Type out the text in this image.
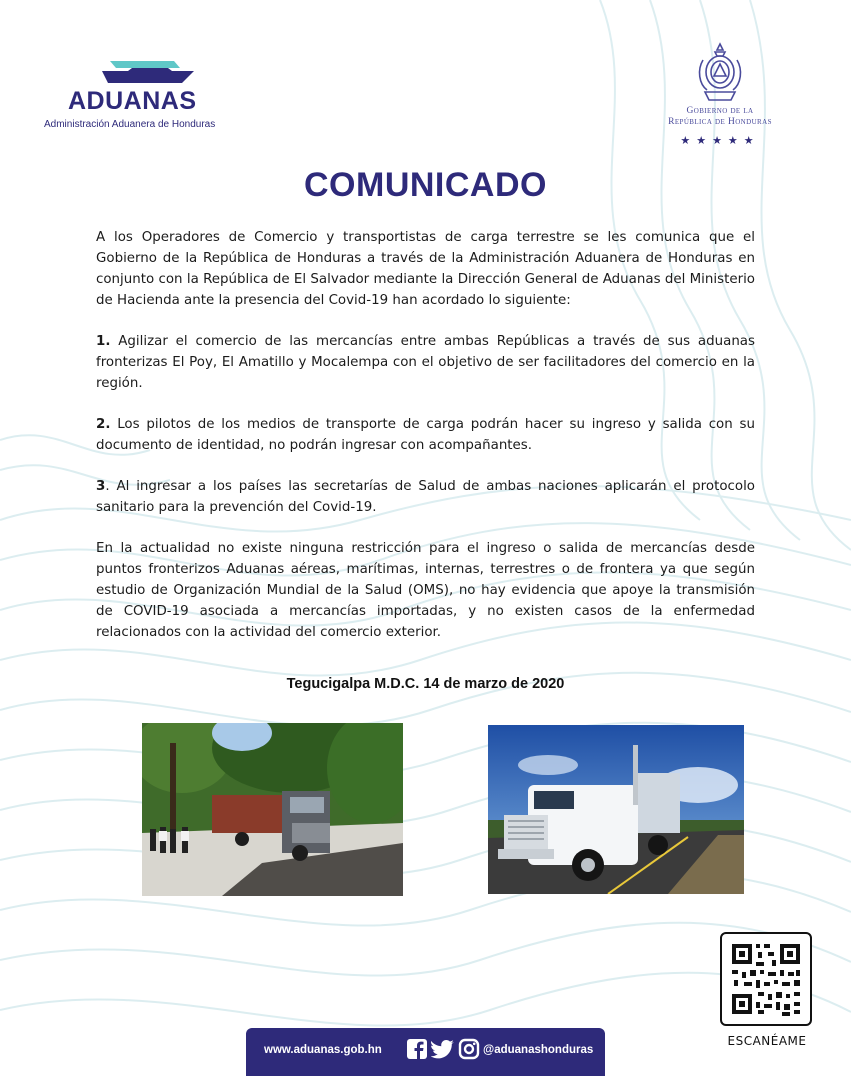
ADUANAS
Administración Aduanera de Honduras
Gobierno de la
República de Honduras
★★★★★
COMUNICADO

A los Operadores de Comercio y transportistas de carga terrestre se les comunica que el Gobierno de la República de Honduras a través de la Administración Aduanera de Honduras en conjunto con la República de El Salvador mediante la Dirección General de Aduanas del Ministerio de Hacienda ante la presencia del Covid-19 han acordado lo siguiente:

1. Agilizar el comercio de las mercancías entre ambas Repúblicas a través de sus aduanas fronterizas El Poy, El Amatillo y Mocalempa con el objetivo de ser facilitadores del comercio en la región.

2. Los pilotos de los medios de transporte de carga podrán hacer su ingreso y salida con su documento de identidad, no podrán ingresar con acompañantes.

3. Al ingresar a los países las secretarías de Salud de ambas naciones aplicarán el protocolo sanitario para la prevención del Covid-19.

En la actualidad no existe ninguna restricción para el ingreso o salida de mercancías desde puntos fronterizos Aduanas aéreas, marítimas, internas, terrestres o de frontera ya que según estudio de Organización Mundial de la Salud (OMS), no hay evidencia que apoye la transmisión de COVID-19 asociada a mercancías importadas, y no existen casos de la enfermedad relacionados con la actividad del comercio exterior.

Tegucigalpa M.D.C. 14 de marzo de 2020
ESCANÉAME
www.aduanas.gob.hn	@aduanashonduras
